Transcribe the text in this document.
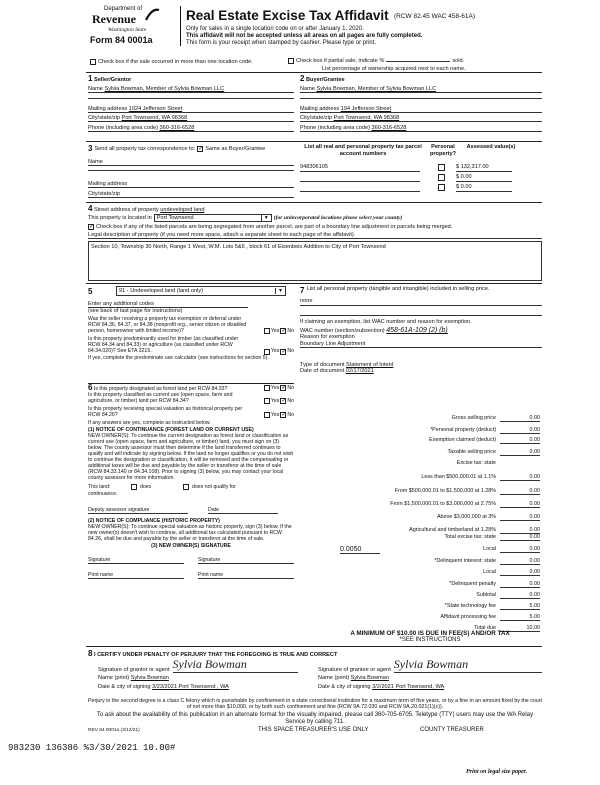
Department of
Revenue
Washington State
Form 84 0001a
Real Estate Excise Tax Affidavit (RCW 82.45 WAC 458-61A)
Only for sales in a single location code on or after January 1, 2020.
This affidavit will not be accepted unless all areas on all pages are fully completed.
This form is your receipt when stamped by cashier. Please type or print.
Check box if the sale occurred in more than one location code.	Check box if partial sale, indicate %	sold.
List percentage of ownership acquired next to each name.
1 Seller/Grantor
Name Sylvia Bowman, Member of Sylvia Bowman LLC
Mailing address 1924 Jefferson Street
City/state/zip Port Townsend, WA 98368
Phone (including area code) 360-316-6528
2 Buyer/Grantee
Name Sylvia Bowman, Member of Sylvia Bowman LLC
Mailing address 194 Jefferson Street
City/state/zip Port Townsend, WA 98368
Phone (including area code) 360-316-6528
3 Send all property tax correspondence to: ✓ Same as Buyer/Grantee
Name
Mailing address
City/state/zip
List all real and personal property tax parcel account numbers
Personal property?
Assessed value(s)
948306105	$ 132,317.00
$ 0.00
$ 0.00
4 Street address of property undeveloped land
This property is located in Port Townsend	▼ (for unincorporated locations please select your county)
✓ Check box if any of the listed parcels are being segregated from another parcel, are part of a boundary line adjustment or parcels being merged.
Legal description of property (if you need more space, attach a separate sheet to each page of the affidavit).
Section 10, Township 30 North, Range 1 West, W.M. Lots 5&6 , block 61 of Eisenbeis Addition to City of Port Townsend
5	91 - Undeveloped land (land only)	▼
Enter any additional codes
(see back of last page for instructions)
Was the seller receiving a property tax exemption or deferral under RCW 84.36, 84.37, or 84.38 (nonprofit org., senior citizen or disabled person, homeowner with limited income)?	Yes ✓ No
Is this property predominantly used for timber (as classified under RCW 84.34 and 84.33) or agriculture (as classified under RCW 84.34.020)? See ETA 3215.	Yes ✓ No
If yes, complete the predominate use calculator (see instructions for section 5).
6 Is this property designated as forest land per RCW 84.33?	Yes ✓ No
Is this property classified as current use (open space, farm and agriculture, or timber) land per RCW 84.34?	Yes ✓ No
Is this property receiving special valuation as historical property per RCW 84.26?	Yes ✓ No
If any answers are yes, complete as instructed below.
(1) NOTICE OF CONTINUANCE (FOREST LAND OR CURRENT USE)
NEW OWNER(S): To continue the current designation as forest land or classification as current use (open space, farm and agriculture, or timber) land, you must sign on (3) below. The county assessor must then determine if the land transferred continues to qualify and will indicate by signing below. If the land no longer qualifies or you do not wish to continue the designation or classification, it will be removed and the compensating or additional taxes will be due and payable by the seller or transferor at the time of sale (RCW 84.33.140 or 84.34.108). Prior to signing (3) below, you may contact your local county assessor for more information.
This land:	does	does not qualify for
continuance.
Deputy assessor signature	Date
(2) NOTICE OF COMPLIANCE (HISTORIC PROPERTY)
NEW OWNER(S): To continue special valuation as historic property, sign (3) below. If the new owner(s) doesn't wish to continue, all additional tax calculated pursuant to RCW 84.26, shall be due and payable by the seller or transferor at the time of sale.
(3) NEW OWNER(S) SIGNATURE
Signature	Signature
Print name	Print name
7 List all personal property (tangible and intangible) included in selling price.
none
If claiming an exemption, list WAC number and reason for exemption.
WAC number (section/subsection) 458-61A-109 (2) (b)
Reason for exemption
Boundary Line Adjustment
Type of document Statement of Intent
Date of document 02/17/2021
Gross selling price	0.00
*Personal property (deduct)	0.00
Exemption claimed (deduct)	0.00
Taxable selling price	0.00
Excise tax: state
Less than $500,000.01 at 1.1%	0.00
From $500,000.01 to $1,500,000 at 1.28%	0.00
From $1,500,000.01 to $3,000,000 at 2.75%	0.00
Above $3,000,000 at 3%	0.00
Agricultural and timberland at 1.28%	0.00
Total excise tax: state	0.00
Local	0.00
0.0050
*Delinquent interest: state	0.00
Local	0.00
*Delinquent penalty	0.00
Subtotal	0.00
*State technology fee	5.00
Affidavit processing fee	5.00
Total due	10.00
A MINIMUM OF $10.00 IS DUE IN FEE(S) AND/OR TAX
*SEE INSTRUCTIONS
8 I CERTIFY UNDER PENALTY OF PERJURY THAT THE FOREGOING IS TRUE AND CORRECT
Signature of grantor or agent Sylvia Bowman
Name (print) Sylvia Bowman
Date & city of signing 3/23/2021 Port Townsend , WA
Signature of grantee or agent Sylvia Bowman
Name (print) Sylvia Bowman
Date & city of signing 3/2/2021 Port Townsend, WA
Perjury in the second degree is a class C felony which is punishable by confinement in a state correctional institution for a maximum term of five years, or by a fine in an amount fixed by the court of not more than $10,000, or by both such confinement and fine (RCW 9A.72.030 and RCW 9A.20.021(1)(c)).
To ask about the availability of this publication in an alternate format for the visually impaired, please call 360-705-6705. Teletype (TTY) users may use the WA Relay Service by calling 711.
REV 84 0001a (3/12/21)	THIS SPACE TREASURER'S USE ONLY	COUNTY TREASURER
983230 136386 %3/30/2021 10.00#
Print on legal size paper.
